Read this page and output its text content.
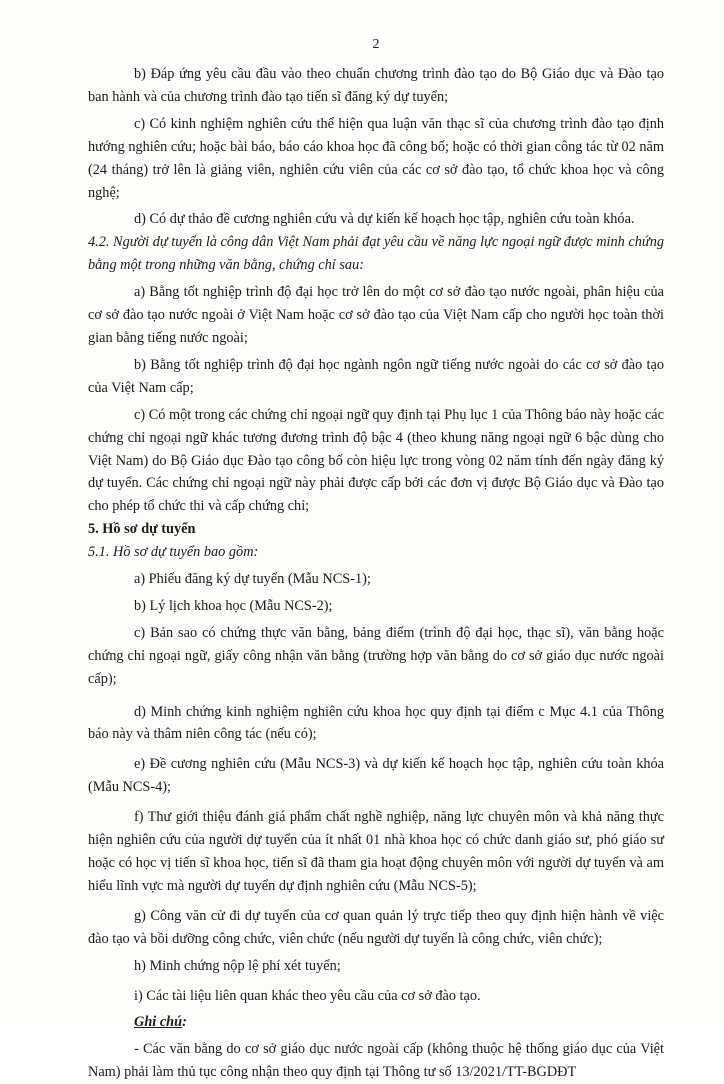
2

b) Đáp ứng yêu cầu đầu vào theo chuẩn chương trình đào tạo do Bộ Giáo dục và Đào tạo ban hành và của chương trình đào tạo tiến sĩ đăng ký dự tuyển;

c) Có kinh nghiệm nghiên cứu thể hiện qua luận văn thạc sĩ của chương trình đào tạo định hướng nghiên cứu; hoặc bài báo, báo cáo khoa học đã công bố; hoặc có thời gian công tác từ 02 năm (24 tháng) trở lên là giảng viên, nghiên cứu viên của các cơ sở đào tạo, tổ chức khoa học và công nghệ;

d) Có dự thảo đề cương nghiên cứu và dự kiến kế hoạch học tập, nghiên cứu toàn khóa.

4.2. Người dự tuyển là công dân Việt Nam phải đạt yêu cầu về năng lực ngoại ngữ được minh chứng bằng một trong những văn bằng, chứng chỉ sau:

a) Bằng tốt nghiệp trình độ đại học trở lên do một cơ sở đào tạo nước ngoài, phân hiệu của cơ sở đào tạo nước ngoài ở Việt Nam hoặc cơ sở đào tạo của Việt Nam cấp cho người học toàn thời gian bằng tiếng nước ngoài;

b) Bằng tốt nghiệp trình độ đại học ngành ngôn ngữ tiếng nước ngoài do các cơ sở đào tạo của Việt Nam cấp;

c) Có một trong các chứng chỉ ngoại ngữ quy định tại Phụ lục 1 của Thông báo này hoặc các chứng chỉ ngoại ngữ khác tương đương trình độ bậc 4 (theo khung năng ngoại ngữ 6 bậc dùng cho Việt Nam) do Bộ Giáo dục Đào tạo công bố còn hiệu lực trong vòng 02 năm tính đến ngày đăng ký dự tuyển. Các chứng chỉ ngoại ngữ này phải được cấp bởi các đơn vị được Bộ Giáo dục và Đào tạo cho phép tổ chức thi và cấp chứng chỉ;

5. Hồ sơ dự tuyển

5.1. Hồ sơ dự tuyển bao gồm:

a) Phiếu đăng ký dự tuyển (Mẫu NCS-1);

b) Lý lịch khoa học (Mẫu NCS-2);

c) Bản sao có chứng thực văn bằng, bảng điểm (trình độ đại học, thạc sĩ), văn bằng hoặc chứng chỉ ngoại ngữ, giấy công nhận văn bằng (trường hợp văn bằng do cơ sở giáo dục nước ngoài cấp);

d) Minh chứng kinh nghiệm nghiên cứu khoa học quy định tại điểm c Mục 4.1 của Thông báo này và thâm niên công tác (nếu có);

e) Đề cương nghiên cứu (Mẫu NCS-3) và dự kiến kế hoạch học tập, nghiên cứu toàn khóa (Mẫu NCS-4);

f) Thư giới thiệu đánh giá phẩm chất nghề nghiệp, năng lực chuyên môn và khả năng thực hiện nghiên cứu của người dự tuyển của ít nhất 01 nhà khoa học có chức danh giáo sư, phó giáo sư hoặc có học vị tiến sĩ khoa học, tiến sĩ đã tham gia hoạt động chuyên môn với người dự tuyển và am hiểu lĩnh vực mà người dự tuyển dự định nghiên cứu (Mẫu NCS-5);

g) Công văn cử đi dự tuyển của cơ quan quản lý trực tiếp theo quy định hiện hành về việc đào tạo và bồi dưỡng công chức, viên chức (nếu người dự tuyển là công chức, viên chức);

h) Minh chứng nộp lệ phí xét tuyển;

i) Các tài liệu liên quan khác theo yêu cầu của cơ sở đào tạo.

Ghi chú:

- Các văn bằng do cơ sở giáo dục nước ngoài cấp (không thuộc hệ thống giáo dục của Việt Nam) phải làm thủ tục công nhận theo quy định tại Thông tư số 13/2021/TT-BGDĐT
